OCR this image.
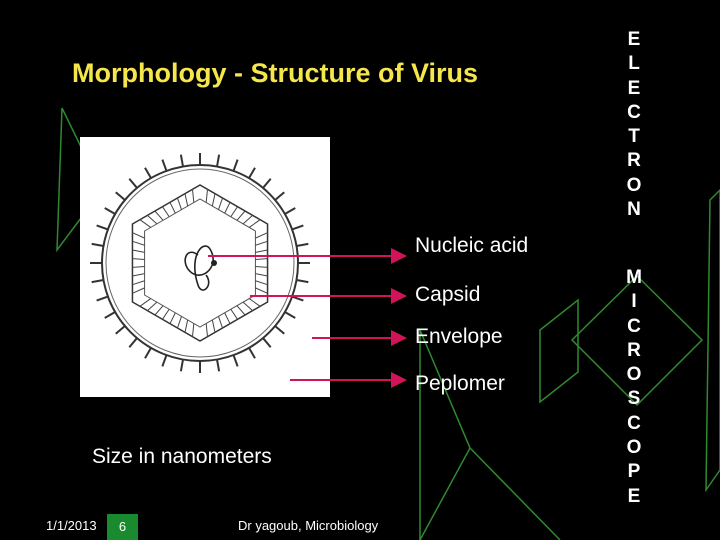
Morphology - Structure of Virus
E
L
E
C
T
R
O
N
M
I
C
R
O
S
C
O
P
E
Nucleic acid
Capsid
Envelope
Peplomer
Size in nanometers
1/1/2013	6	Dr yagoub, Microbiology
